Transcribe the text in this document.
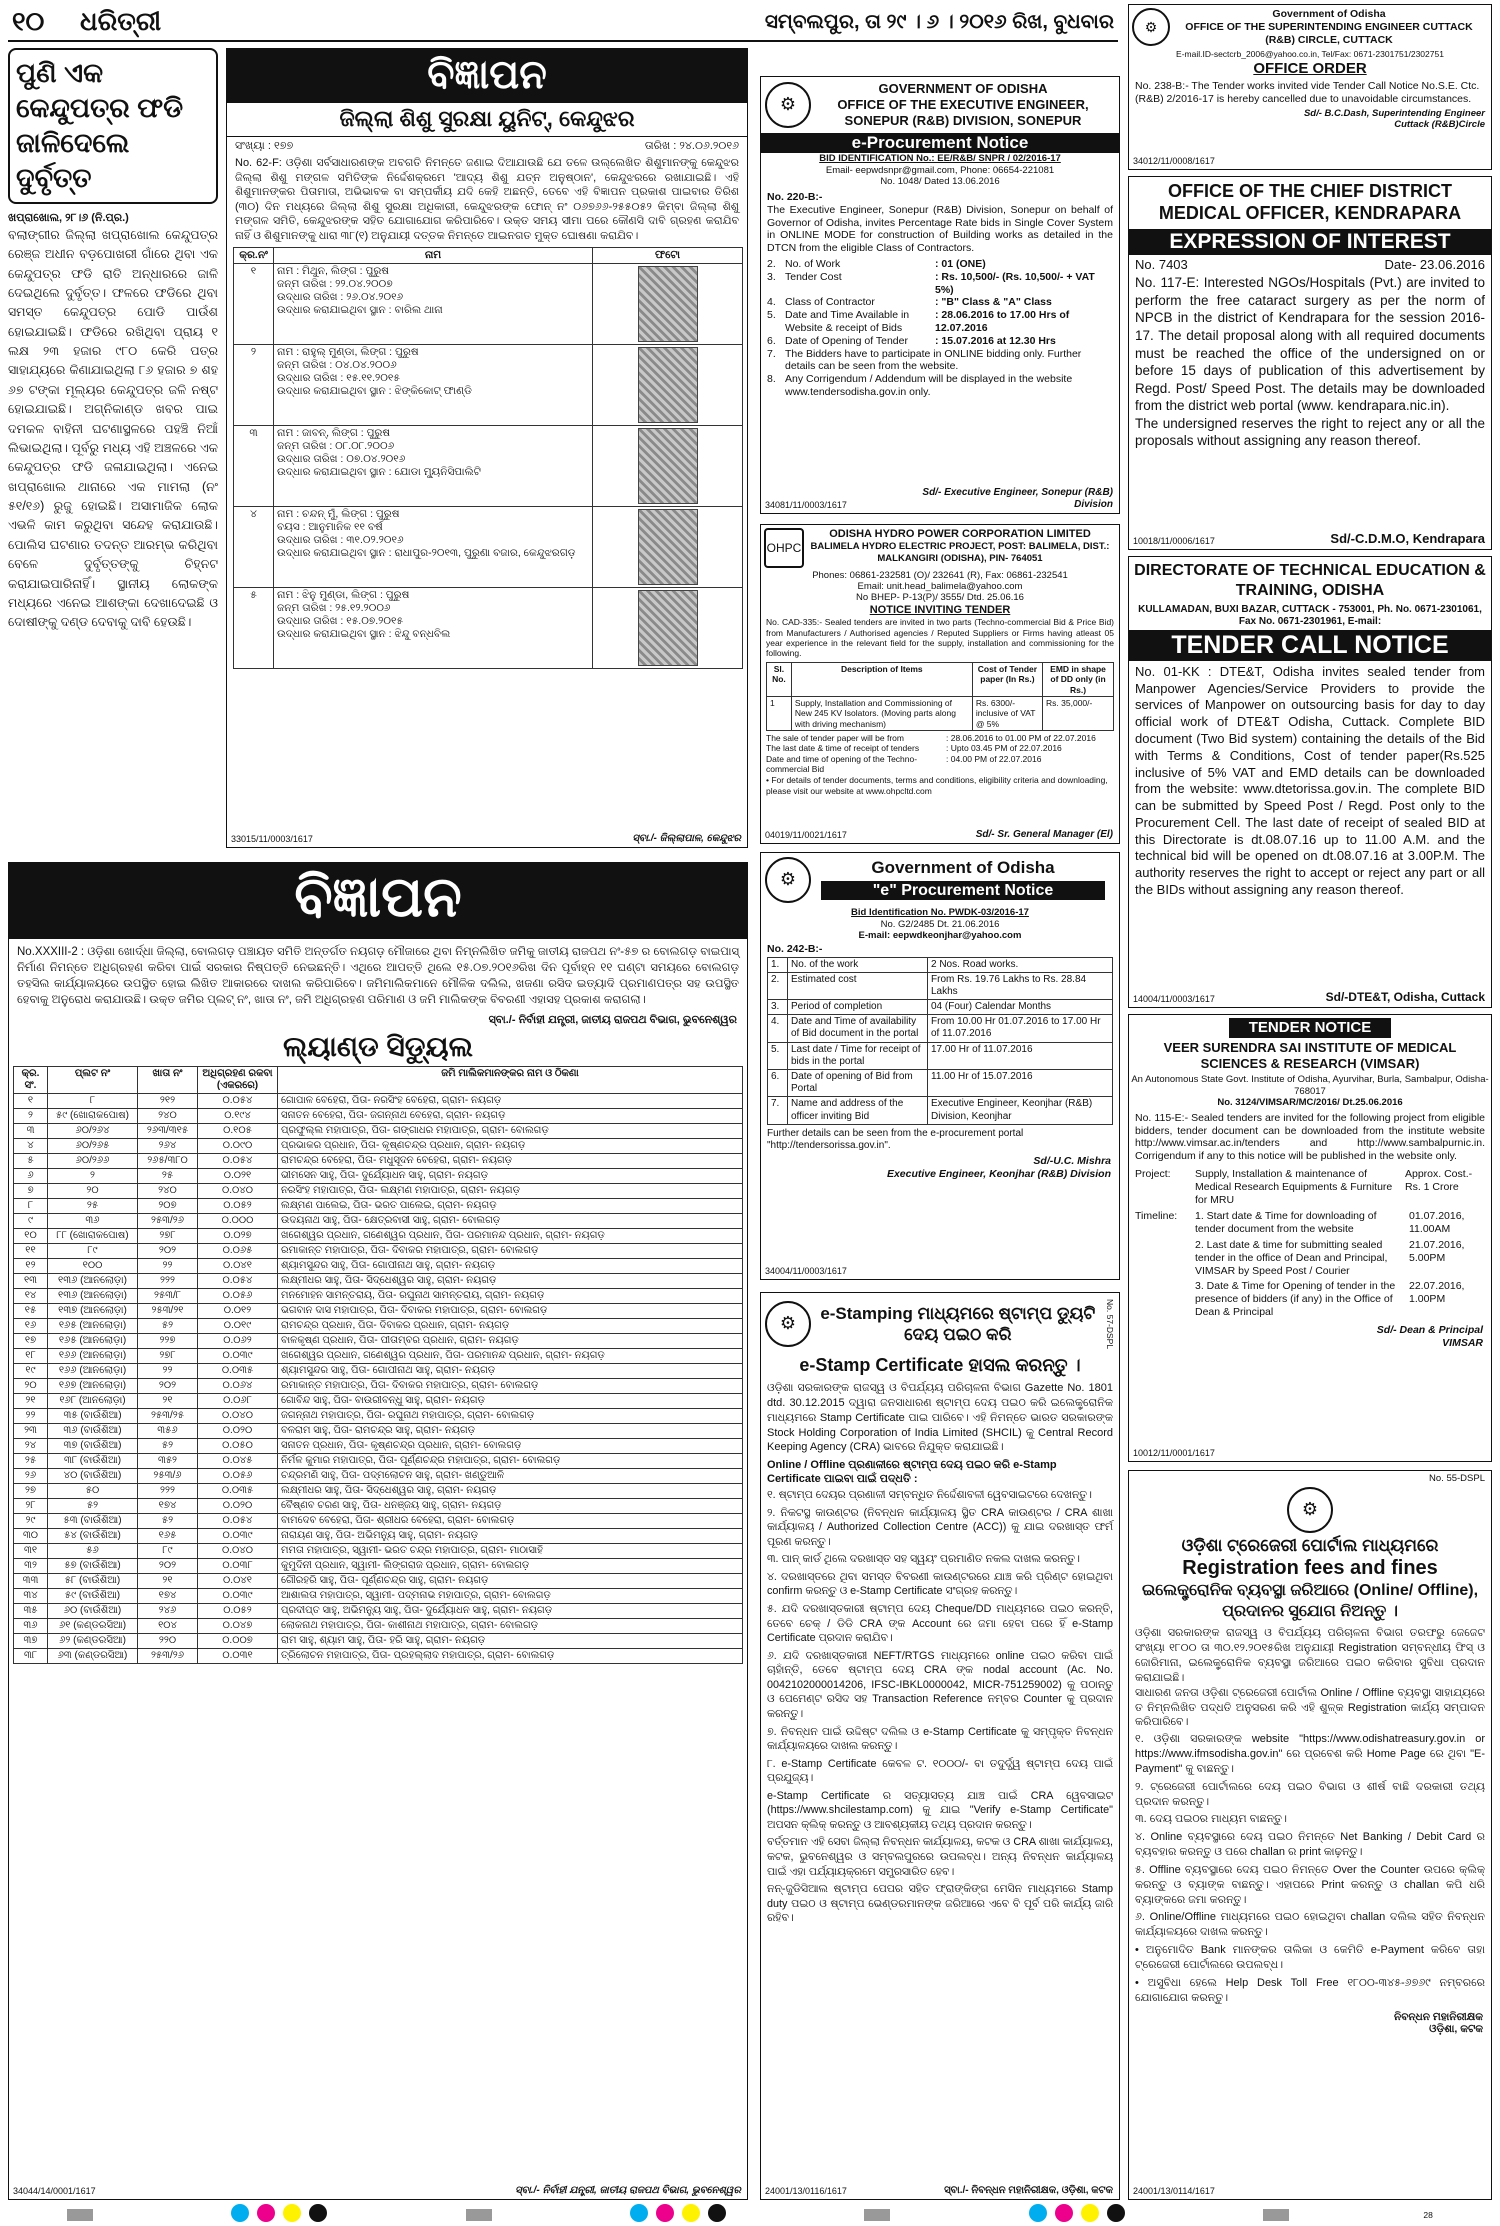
୧୦ ଧରିତ୍ରୀ	ସମ୍ବଲପୁର, ତା ୨୯ । ୬ । ୨୦୧୬ ରିଖ, ବୁଧବାର
ପୁଣି ଏକ କେନ୍ଦୁପତ୍ର ଫଡି ଜାଳିଦେଲେ ଦୁର୍ବୃତ୍ତ
ଖପ୍ରାଖୋଲ, ୨୮।୬ (ନି.ପ୍ର.)
ବଲାଙ୍ଗୀର ଜିଲ୍ଲା ଖପ୍ରାଖୋଲ କେନ୍ଦୁପତ୍ର ରେଞ୍ଜ ଅଧୀନ ବଡ଼ପୋଖରୀ ଗାଁରେ ଥିବା ଏକ କେନ୍ଦୁପତ୍ର ଫଡି ରାତି ଅନ୍ଧାରରେ ଜାଳି ଦେଇଥିଲେ ଦୁର୍ବୃତ୍ତ। ଫଳରେ ଫଡିରେ ଥିବା ସମସ୍ତ କେନ୍ଦୁପତ୍ର ପୋଡି ପାଉଁଶ ହୋଇଯାଇଛି। ଫଡିରେ ରଖିଥିବା ପ୍ରାୟ ୧ ଲକ୍ଷ ୨୩ ହଜାର ୯୮୦ କେରି ପତ୍ର ସାହାଯ୍ୟରେ କିଣାଯାଇଥିଲା ୮୬ ହଜାର ୭ ଶହ ୬୭ ଟଙ୍କା ମୂଲ୍ୟର କେନ୍ଦୁପତ୍ର ଜଳି ନଷ୍ଟ ହୋଇଯାଇଛି। ଅଗ୍ନିକାଣ୍ଡ ଖବର ପାଇ ଦମକଳ ବାହିନୀ ଘଟଣାସ୍ଥଳରେ ପହଞ୍ଚି ନିଆଁ ଲିଭାଇଥିଲା। ପୂର୍ବରୁ ମଧ୍ୟ ଏହି ଅଞ୍ଚଳରେ ଏକ କେନ୍ଦୁପତ୍ର ଫଡି ଜଳାଯାଇଥିଲା। ଏନେଇ ଖପ୍ରାଖୋଲ ଥାନାରେ ଏକ ମାମଲା (ନଂ ୫୧/୧୬) ରୁଜୁ ହୋଇଛି। ଅସାମାଜିକ ଲୋକ ଏଭଳି କାମ କରୁଥିବା ସନ୍ଦେହ କରାଯାଉଛି। ପୋଲିସ ଘଟଣାର ତଦନ୍ତ ଆରମ୍ଭ କରିଥିବା ବେଳେ ଦୁର୍ବୃତ୍ତଙ୍କୁ ଚିହ୍ନଟ କରାଯାଇପାରିନାହିଁ। ସ୍ଥାନୀୟ ଲୋକଙ୍କ ମଧ୍ୟରେ ଏନେଇ ଆଶଙ୍କା ଦେଖାଦେଇଛି ଓ ଦୋଷୀଙ୍କୁ ଦଣ୍ଡ ଦେବାକୁ ଦାବି ହେଉଛି।
ବିଜ୍ଞାପନ
ଜିଲ୍ଲା ଶିଶୁ ସୁରକ୍ଷା ୟୁନିଟ୍, କେନ୍ଦୁଝର
ସଂଖ୍ୟା : ୧୭୭	ତାରିଖ : ୨୪.୦୬.୨୦୧୬
No. 62-F: ଓଡ଼ିଶା ସର୍ବସାଧାରଣଙ୍କ ଅବଗତି ନିମନ୍ତେ ଜଣାଇ ଦିଆଯାଉଛି ଯେ ତଳେ ଉଲ୍ଲେଖିତ ଶିଶୁମାନଙ୍କୁ କେନ୍ଦୁଝର ଜିଲ୍ଲା ଶିଶୁ ମଙ୍ଗଳ ସମିତିଙ୍କ ନିର୍ଦ୍ଦେଶକ୍ରମେ 'ଆଦ୍ୟ ଶିଶୁ ଯତ୍ନ ଅନୁଷ୍ଠାନ', କେନ୍ଦୁଝରରେ ରଖାଯାଇଛି। ଏହି ଶିଶୁମାନଙ୍କର ପିତାମାତା, ଅଭିଭାବକ ବା ସମ୍ପର୍କୀୟ ଯଦି କେହି ଅଛନ୍ତି, ତେବେ ଏହି ବିଜ୍ଞାପନ ପ୍ରକାଶ ପାଇବାର ତିରିଶ (୩୦) ଦିନ ମଧ୍ୟରେ ଜିଲ୍ଲା ଶିଶୁ ସୁରକ୍ଷା ଅଧିକାରୀ, କେନ୍ଦୁଝରଙ୍କ ଫୋନ୍ ନଂ ୦୬୭୬୬-୨୫୫୦୫୨ କିମ୍ବା ଜିଲ୍ଲା ଶିଶୁ ମଙ୍ଗଳ ସମିତି, କେନ୍ଦୁଝରଙ୍କ ସହିତ ଯୋଗାଯୋଗ କରିପାରିବେ। ଉକ୍ତ ସମୟ ସୀମା ପରେ କୌଣସି ଦାବି ଗ୍ରହଣ କରାଯିବ ନାହିଁ ଓ ଶିଶୁମାନଙ୍କୁ ଧାରା ୩୮(୧) ଅନୁଯାୟୀ ଦତ୍ତକ ନିମନ୍ତେ ଆଇନଗତ ମୁକ୍ତ ଘୋଷଣା କରାଯିବ।
କ୍ର.ନଂ	ନାମ	ଫଟୋ
୧	ନାମ : ମିଥୁନ, ଲିଙ୍ଗ : ପୁରୁଷ
ଜନ୍ମ ତାରିଖ : ୨୨.୦୪.୨୦୦୭
ଉଦ୍ଧାର ତାରିଖ : ୨୬.୦୪.୨୦୧୬
ଉଦ୍ଧାର କରାଯାଇଥିବା ସ୍ଥାନ : ବାରିଲ ଥାନା	

୨	ନାମ : ରାହୁଲ୍ ମୁଣ୍ଡା, ଲିଙ୍ଗ : ପୁରୁଷ
ଜନ୍ମ ତାରିଖ : ୦୪.୦୪.୨୦୦୬
ଉଦ୍ଧାର ତାରିଖ : ୧୫.୧୧.୨୦୧୫
ଉଦ୍ଧାର କରାଯାଇଥିବା ସ୍ଥାନ : ଝିଙ୍କିକୋଟ୍ ଫାଣ୍ଡି	

୩	ନାମ : ଜାବନ୍, ଲିଙ୍ଗ : ପୁରୁଷ
ଜନ୍ମ ତାରିଖ : ୦୮.୦୮.୨୦୦୬
ଉଦ୍ଧାର ତାରିଖ : ୦୭.୦୪.୨୦୧୬
ଉଦ୍ଧାର କରାଯାଇଥିବା ସ୍ଥାନ : ଯୋଡା ମ୍ୟୁନିସିପାଲିଟି	

୪	ନାମ : ଚନ୍ଦନ୍ ମୁଁ, ଲିଙ୍ଗ : ପୁରୁଷ
ବୟସ : ଆନୁମାନିକ ୧୧ ବର୍ଷ
ଉଦ୍ଧାର ତାରିଖ : ୩୧.୦୨.୨୦୧୬
ଉଦ୍ଧାର କରାଯାଇଥିବା ସ୍ଥାନ : ରାଧାପୁର-୨୦୧୩, ପୁରୁଣା ବଜାର, କେନ୍ଦୁଝରଗଡ଼	

୫	ନାମ : ଝିନୁ ମୁଣ୍ଡା, ଲିଙ୍ଗ : ପୁରୁଷ
ଜନ୍ମ ତାରିଖ : ୨୫.୧୨.୨୦୦୬
ଉଦ୍ଧାର ତାରିଖ : ୧୫.୦୭.୨୦୧୫
ଉଦ୍ଧାର କରାଯାଇଥିବା ସ୍ଥାନ : ଝିନ୍ଦୁ ବନ୍ଧବିଲ	

33015/11/0003/1617	ସ୍ବା./- ଜିଲ୍ଲାପାଳ, କେନ୍ଦୁଝର
ବିଜ୍ଞାପନ
No.XXXIII-2 : ଓଡ଼ିଶା ଖୋର୍ଦ୍ଧା ଜିଲ୍ଲା, ବୋଲଗଡ଼ ପଞ୍ଚାୟତ ସମିତି ଅନ୍ତର୍ଗତ ନୟଗଡ଼ ମୌଜାରେ ଥିବା ନିମ୍ନଲିଖିତ ଜମିକୁ ଜାତୀୟ ରାଜପଥ ନଂ-୫୭ ର ବୋଲଗଡ଼ ବାଇପାସ୍ ନିର୍ମାଣ ନିମନ୍ତେ ଅଧିଗ୍ରହଣ କରିବା ପାଇଁ ସରକାର ନିଷ୍ପତ୍ତି ନେଇଛନ୍ତି। ଏଥିରେ ଆପତ୍ତି ଥିଲେ ୧୫.୦୭.୨୦୧୬ରିଖ ଦିନ ପୂର୍ବାହ୍ନ ୧୧ ଘଣ୍ଟା ସମୟରେ ବୋଲଗଡ଼ ତହସିଲ କାର୍ଯ୍ୟାଳୟରେ ଉପସ୍ଥିତ ହୋଇ ଲିଖିତ ଆକାରରେ ଦାଖଲ କରିପାରିବେ। ଜମିମାଲିକମାନେ ମୌଳିକ ଦଲିଲ, ଖଜଣା ରସିଦ ଇତ୍ୟାଦି ପ୍ରମାଣପତ୍ର ସହ ଉପସ୍ଥିତ ହେବାକୁ ଅନୁରୋଧ କରାଯାଉଛି। ଉକ୍ତ ଜମିର ପ୍ଲଟ୍ ନଂ, ଖାତା ନଂ, ଜମି ଅଧିଗ୍ରହଣ ପରିମାଣ ଓ ଜମି ମାଲିକଙ୍କ ବିବରଣୀ ଏହାସହ ପ୍ରକାଶ କରାଗଲା।
ସ୍ବା./- ନିର୍ବାହୀ ଯନ୍ତ୍ରୀ, ଜାତୀୟ ରାଜପଥ ବିଭାଗ, ଭୁବନେଶ୍ୱର
ଲ୍ୟାଣ୍ଡ ସିଡ୍ୟୁଲ
କ୍ର. ସଂ.	ପ୍ଲଟ ନଂ	ଖାତା ନଂ	ଅଧିଗ୍ରହଣ ରକବା (ଏକରରେ)	ଜମି ମାଲିକମାନଙ୍କର ନାମ ଓ ଠିକଣା
୧	୮	୨୧୨	୦.୦୫୪	ଗୋପାଳ ବେହେରା, ପିତା- ନରସିଂହ ବେହେରା, ଗ୍ରାମ- ନୟଗଡ଼
୨	୫୯ (ଖୋରାକପୋଷ)	୨୪୦	୦.୧୯୪	ସନାତନ ବେହେରା, ପିତା- ଜଗନ୍ନାଥ ବେହେରା, ଗ୍ରାମ- ନୟଗଡ଼
୩	୬୦/୨୬୪	୨୬୩/୩୧୫	୦.୧୦୫	ପ୍ରଫୁଲ୍ଲ ମହାପାତ୍ର, ପିତା- ଗଙ୍ଗାଧର ମହାପାତ୍ର, ଗ୍ରାମ- ବୋଲଗଡ଼
୪	୬୦/୨୬୫	୨୬୪	୦.୦୯୦	ପ୍ରଭାକର ପ୍ରଧାନ, ପିତା- କୃଷ୍ଣଚନ୍ଦ୍ର ପ୍ରଧାନ, ଗ୍ରାମ- ନୟଗଡ଼
୫	୬୦/୨୬୬	୨୬୫/୩୮୦	୦.୦୫୪	ରାମଚନ୍ଦ୍ର ବେହେରା, ପିତା- ମଧୁସୂଦନ ବେହେରା, ଗ୍ରାମ- ନୟଗଡ଼
୬	୨	୨୫	୦.୦୨୧	ଭୀମସେନ ସାହୁ, ପିତା- ଦୁର୍ଯ୍ୟୋଧନ ସାହୁ, ଗ୍ରାମ- ନୟଗଡ଼
୭	୨୦	୨୪୦	୦.୦୪୦	ନରସିଂହ ମହାପାତ୍ର, ପିତା- ଲକ୍ଷ୍ମଣ ମହାପାତ୍ର, ଗ୍ରାମ- ନୟଗଡ଼
୮	୨୫	୨୦୭	୦.୦୫୨	ଲକ୍ଷ୍ମଣ ପାଲେଇ, ପିତା- ଭରତ ପାଲେଇ, ଗ୍ରାମ- ନୟଗଡ଼
୯	୩୬	୨୫୩/୨୬	୦.୦୦୦	ଉଦୟନାଥ ସାହୁ, ପିତା- କ୍ଷେତ୍ରବାସୀ ସାହୁ, ଗ୍ରାମ- ବୋଲଗଡ଼
୧୦	୮୮ (ଖୋରାକପୋଷ)	୨୭୮	୦.୦୨୭	ଖଗେଶ୍ୱର ପ୍ରଧାନ, ଗଣେଶ୍ୱର ପ୍ରଧାନ, ପିତା- ପରମାନନ୍ଦ ପ୍ରଧାନ, ଗ୍ରାମ- ନୟଗଡ଼
୧୧	୮୯	୨୦୨	୦.୦୬୫	ରମାକାନ୍ତ ମହାପାତ୍ର, ପିତା- ଦିବାକର ମହାପାତ୍ର, ଗ୍ରାମ- ବୋଲଗଡ଼
୧୨	୧୦୦	୨୨	୦.୦୪୧	ଶ୍ୟାମସୁନ୍ଦର ସାହୁ, ପିତା- ଗୋପୀନାଥ ସାହୁ, ଗ୍ରାମ- ନୟଗଡ଼
୧୩	୧୩୬ (ଆନଲୋଡ଼ା)	୨୨୨	୦.୦୫୪	ଲକ୍ଷ୍ମୀଧର ସାହୁ, ପିତା- ସିଦ୍ଧେଶ୍ୱର ସାହୁ, ଗ୍ରାମ- ନୟଗଡ଼
୧୪	୧୩୬ (ଆନଲୋଡ଼ା)	୨୫୩/୮	୦.୦୫୬	ମନମୋହନ ସାମନ୍ତରାୟ, ପିତା- ରଘୁନାଥ ସାମନ୍ତରାୟ, ଗ୍ରାମ- ନୟଗଡ଼
୧୫	୧୩୭ (ଆନଲୋଡ଼ା)	୨୫୩/୨୧	୦.୦୧୨	ଭଗବାନ ଦାସ ମହାପାତ୍ର, ପିତା- ଦିବାକର ମହାପାତ୍ର, ଗ୍ରାମ- ବୋଲଗଡ଼
୧୬	୧୬୫ (ଆନଲୋଡ଼ା)	୫୨	୦.୦୧୯	ରାମଚନ୍ଦ୍ର ପ୍ରଧାନ, ପିତା- ଦିବାକର ପ୍ରଧାନ, ଗ୍ରାମ- ନୟଗଡ଼
୧୭	୧୬୫ (ଆନଲୋଡ଼ା)	୨୨୭	୦.୦୬୨	ବାଳକୃଷ୍ଣ ପ୍ରଧାନ, ପିତା- ପୀତାମ୍ବର ପ୍ରଧାନ, ଗ୍ରାମ- ନୟଗଡ଼
୧୮	୧୬୬ (ଆନଲୋଡ଼ା)	୨୭୮	୦.୦୩୯	ଖଗେଶ୍ୱର ପ୍ରଧାନ, ଗଣେଶ୍ୱର ପ୍ରଧାନ, ପିତା- ପରମାନନ୍ଦ ପ୍ରଧାନ, ଗ୍ରାମ- ନୟଗଡ଼
୧୯	୧୬୬ (ଆନଲୋଡ଼ା)	୨୨	୦.୦୩୫	ଶ୍ୟାମସୁନ୍ଦର ସାହୁ, ପିତା- ଗୋପୀନାଥ ସାହୁ, ଗ୍ରାମ- ନୟଗଡ଼
୨୦	୧୬୭ (ଆନଲୋଡ଼ା)	୨୦୨	୦.୦୬୪	ରମାକାନ୍ତ ମହାପାତ୍ର, ପିତା- ଦିବାକର ମହାପାତ୍ର, ଗ୍ରାମ- ବୋଲଗଡ଼
୨୧	୧୬୮ (ଆନଲୋଡ଼ା)	୨୧	୦.୦୬୮	ଗୋବିନ୍ଦ ସାହୁ, ପିତା- ବାଉରୀବନ୍ଧୁ ସାହୁ, ଗ୍ରାମ- ନୟଗଡ଼
୨୨	୩୫ (ବାଉଁଶିଆ)	୨୫୩/୨୫	୦.୦୪୦	ଜଗନ୍ନାଥ ମହାପାତ୍ର, ପିତା- ରଘୁନାଥ ମହାପାତ୍ର, ଗ୍ରାମ- ବୋଲଗଡ଼
୨୩	୩୬ (ବାଉଁଶିଆ)	୩୫୬	୦.୦୨୦	ବଳରାମ ସାହୁ, ପିତା- ରାମଚନ୍ଦ୍ର ସାହୁ, ଗ୍ରାମ- ନୟଗଡ଼
୨୪	୩୭ (ବାଉଁଶିଆ)	୫୨	୦.୦୫୦	ସନାତନ ପ୍ରଧାନ, ପିତା- କୃଷ୍ଣଚନ୍ଦ୍ର ପ୍ରଧାନ, ଗ୍ରାମ- ବୋଲଗଡ଼
୨୫	୩୮ (ବାଉଁଶିଆ)	୩୫୨	୦.୦୪୫	ନିର୍ମଳ କୁମାର ମହାପାତ୍ର, ପିତା- ପୂର୍ଣ୍ଣଚନ୍ଦ୍ର ମହାପାତ୍ର, ଗ୍ରାମ- ବୋଲଗଡ଼
୨୬	୪୦ (ବାଉଁଶିଆ)	୨୫୩/୬	୦.୦୫୬	ଚନ୍ଦ୍ରମଣି ସାହୁ, ପିତା- ପଦ୍ମଲୋଚନ ସାହୁ, ଗ୍ରାମ- ଖଣ୍ଡୁଆଳି
୨୭	୫୦	୨୨୨	୦.୦୩୫	ଲକ୍ଷ୍ମୀଧର ସାହୁ, ପିତା- ସିଦ୍ଧେଶ୍ୱର ସାହୁ, ଗ୍ରାମ- ନୟଗଡ଼
୨୮	୫୨	୧୭୪	୦.୦୨୦	ବୈଷ୍ଣବ ଚରଣ ସାହୁ, ପିତା- ଧନଞ୍ଜୟ ସାହୁ, ଗ୍ରାମ- ନୟଗଡ଼
୨୯	୫୩ (ବାଉଁଶିଆ)	୫୨	୦.୦୫୪	ବାମଦେବ ବେହେରା, ପିତା- ଶ୍ରୀଧର ବେହେରା, ଗ୍ରାମ- ବୋଲଗଡ଼
୩୦	୫୪ (ବାଉଁଶିଆ)	୧୬୫	୦.୦୩୯	ନାରାୟଣ ସାହୁ, ପିତା- ଅଭିମନ୍ୟୁ ସାହୁ, ଗ୍ରାମ- ନୟଗଡ଼
୩୧	୫୬	୮୯	୦.୦୪୦	ମମତା ମହାପାତ୍ର, ସ୍ୱାମୀ- ଭରତ ଚନ୍ଦ୍ର ମହାପାତ୍ର, ଗ୍ରାମ- ମାଠାସାହି
୩୨	୫୭ (ବାଉଁଶିଆ)	୨୦୨	୦.୦୩୮	କୁମୁଦିନୀ ପ୍ରଧାନ, ସ୍ୱାମୀ- ଲିଙ୍ଗରାଜ ପ୍ରଧାନ, ଗ୍ରାମ- ବୋଲଗଡ଼
୩୩	୫୮ (ବାଉଁଶିଆ)	୨୧	୦.୦୪୧	ଗୌରହରି ସାହୁ, ପିତା- ପୂର୍ଣ୍ଣଚନ୍ଦ୍ର ସାହୁ, ଗ୍ରାମ- ନୟଗଡ଼
୩୪	୫୯ (ବାଉଁଶିଆ)	୧୭୪	୦.୦୩୯	ଆଶାଲତା ମହାପାତ୍ର, ସ୍ୱାମୀ- ପଦ୍ମନାଭ ମହାପାତ୍ର, ଗ୍ରାମ- ବୋଲଗଡ଼
୩୫	୬୦ (ବାଉଁଶିଆ)	୨୪୬	୦.୦୫୨	ପ୍ରଦୀପ୍ତ ସାହୁ, ଅଭିମନ୍ୟୁ ସାହୁ, ପିତା- ଦୁର୍ଯ୍ୟୋଧନ ସାହୁ, ଗ୍ରାମ- ନୟଗଡ଼
୩୬	୬୧ (କଣ୍ଡରସିଆ)	୧୦୪	୦.୦୪୭	ଲୋକନାଥ ମହାପାତ୍ର, ପିତା- କାଶୀନାଥ ମହାପାତ୍ର, ଗ୍ରାମ- ବୋଲଗଡ଼
୩୭	୬୨ (କଣ୍ଡରସିଆ)	୨୨୦	୦.୦୦୭	ରାମ ସାହୁ, ଶ୍ୟାମ ସାହୁ, ପିତା- ହରି ସାହୁ, ଗ୍ରାମ- ନୟଗଡ଼
୩୮	୬୩ (କଣ୍ଡରସିଆ)	୨୫୩/୨୬	୦.୦୩୧	ତ୍ରିଲୋଚନ ମହାପାତ୍ର, ପିତା- ପ୍ରହଲ୍ଲାଦ ମହାପାତ୍ର, ଗ୍ରାମ- ବୋଲଗଡ଼
34044/14/0001/1617	ସ୍ବା./- ନିର୍ବାହୀ ଯନ୍ତ୍ରୀ, ଜାତୀୟ ରାଜପଥ ବିଭାଗ, ଭୁବନେଶ୍ୱର
⚙
GOVERNMENT OF ODISHA
OFFICE OF THE EXECUTIVE ENGINEER, SONEPUR (R&B) DIVISION, SONEPUR
e-Procurement Notice
BID IDENTIFICATION No.: EE/R&B/ SNPR / 02/2016-17
Email- eepwdsnpr@gmail.com, Phone: 06654-221081
No. 1048/ Dated 13.06.2016
No. 220-B:-
The Executive Engineer, Sonepur (R&B) Division, Sonepur on behalf of Governor of Odisha, invites Percentage Rate bids in Single Cover System in ONLINE MODE for construction of Building works as detailed in the DTCN from the eligible Class of Contractors.
2. No. of Work	: 01 (ONE)
3. Tender Cost	: Rs. 10,500/- (Rs. 10,500/- + VAT 5%)
4. Class of Contractor	: "B" Class & "A" Class
5. Date and Time Available in Website & receipt of Bids
: 28.06.2016 to 17.00 Hrs of 12.07.2016
6. Date of Opening of Tender	: 15.07.2016 at 12.30 Hrs
7. The Bidders have to participate in ONLINE bidding only. Further details can be seen from the website.
8. Any Corrigendum / Addendum will be displayed in the website www.tendersodisha.gov.in only.
34081/11/0003/1617
Sd/- Executive Engineer, Sonepur (R&B) Division
OHPC
ODISHA HYDRO POWER CORPORATION LIMITED
BALIMELA HYDRO ELECTRIC PROJECT, POST: BALIMELA, DIST.: MALKANGIRI (ODISHA), PIN- 764051
Phones: 06861-232581 (O)/ 232641 (R), Fax: 06861-232541
Email: unit.head_balimela@yahoo.com
No BHEP- P-13(P)/ 3555/ Dtd. 25.06.16
NOTICE INVITING TENDER
No. CAD-335:- Sealed tenders are invited in two parts (Techno-commercial Bid & Price Bid) from Manufacturers / Authorised agencies / Reputed Suppliers or Firms having atleast 05 year experience in the relevant field for the supply, installation and commissioning for the following.
Sl. No.	Description of Items	Cost of Tender paper (In Rs.)	EMD in shape of DD only (in Rs.)
1	Supply, Installation and Commissioning of New 245 KV Isolators. (Moving parts along with driving mechanism)	Rs. 6300/- inclusive of VAT @ 5%	Rs. 35,000/-
The sale of tender paper will be from	: 28.06.2016 to 01.00 PM of 22.07.2016
The last date & time of receipt of tenders	: Upto 03.45 PM of 22.07.2016
Date and time of opening of the Techno-commercial Bid
: 04.00 PM of 22.07.2016
• For details of tender documents, terms and conditions, eligibility criteria and downloading, please visit our website at www.ohpcltd.com
04019/11/0021/1617	Sd/- Sr. General Manager (El)
⚙
Government of Odisha
"e" Procurement Notice
Bid Identification No. PWDK-03/2016-17
No. G2/2485 Dt. 21.06.2016
E-mail: eepwdkeonjhar@yahoo.com
No. 242-B:-
1.	No. of the work	2 Nos. Road works.
2.	Estimated cost	From Rs. 19.76 Lakhs to Rs. 28.84 Lakhs
3.	Period of completion	04 (Four) Calendar Months
4.	Date and Time of availability of Bid document in the portal	From 10.00 Hr 01.07.2016 to 17.00 Hr of 11.07.2016
5.	Last date / Time for receipt of bids in the portal	17.00 Hr of 11.07.2016
6.	Date of opening of Bid from Portal	11.00 Hr of 15.07.2016
7.	Name and address of the officer inviting Bid	Executive Engineer, Keonjhar (R&B) Division, Keonjhar
Further details can be seen from the e-procurement portal "http://tendersorissa.gov.in".
Sd/-U.C. Mishra
Executive Engineer, Keonjhar (R&B) Division
34004/11/0003/1617
⚙	e-Stamping ମାଧ୍ୟମରେ ଷ୍ଟାମ୍ପ ଡ୍ୟୁଟି ଦେୟ ପଇଠ କରି	No. 57-DSPL
e-Stamp Certificate ହାସଲ କରନ୍ତୁ ।
ଓଡ଼ିଶା ସରକାରଙ୍କ ରାଜସ୍ୱ ଓ ବିପର୍ଯ୍ୟୟ ପରିଚାଳନା ବିଭାଗ Gazette No. 1801 dtd. 30.12.2015 ଦ୍ୱାରା ଜନସାଧାରଣ ଷ୍ଟାମ୍ପ ଦେୟ ପଇଠ କରି ଇଲେକ୍ଟ୍ରୋନିକ ମାଧ୍ୟମରେ Stamp Certificate ପାଇ ପାରିବେ। ଏହି ନିମନ୍ତେ ଭାରତ ସରକାରଙ୍କ Stock Holding Corporation of India Limited (SHCIL) କୁ Central Record Keeping Agency (CRA) ଭାବରେ ନିଯୁକ୍ତ କରାଯାଇଛି।
Online / Offline ପ୍ରଣାଳୀରେ ଷ୍ଟାମ୍ପ ଦେୟ ପଇଠ କରି e-Stamp Certificate ପାଇବା ପାଇଁ ପଦ୍ଧତି :

୧. ଷ୍ଟାମ୍ପ ଦେୟର ପ୍ରଣାଳୀ ସମ୍ବନ୍ଧିତ ନିର୍ଦ୍ଦେଶାବଳୀ ୱେବସାଇଟରେ ଦେଖନ୍ତୁ।

୨. ନିକଟସ୍ଥ କାଉଣ୍ଟର (ନିବନ୍ଧନ କାର୍ଯ୍ୟାଳୟ ସ୍ଥିତ CRA କାଉଣ୍ଟର / CRA ଶାଖା କାର୍ଯ୍ୟାଳୟ / Authorized Collection Centre (ACC)) କୁ ଯାଇ ଦରଖାସ୍ତ ଫର୍ମ ପୂରଣ କରନ୍ତୁ।

୩. ପାନ୍ କାର୍ଡ ଥିଲେ ଦରଖାସ୍ତ ସହ ସ୍ୱୟଂ ପ୍ରମାଣିତ ନକଲ ଦାଖଲ କରନ୍ତୁ।

୪. ଦରଖାସ୍ତରେ ଥିବା ସମସ୍ତ ବିବରଣୀ କାଉଣ୍ଟରରେ ଯାଞ୍ଚ କରି ପ୍ରିଣ୍ଟ ହୋଇଥିବା confirm କରନ୍ତୁ ଓ e-Stamp Certificate ସଂଗ୍ରହ କରନ୍ତୁ।

୫. ଯଦି ଦରଖାସ୍ତକାରୀ ଷ୍ଟାମ୍ପ ଦେୟ Cheque/DD ମାଧ୍ୟମରେ ପଇଠ କରନ୍ତି, ତେବେ ଚେକ୍ / ଡିଡି CRA ଙ୍କ Account ରେ ଜମା ହେବା ପରେ ହିଁ e-Stamp Certificate ପ୍ରଦାନ କରାଯିବ।

୬. ଯଦି ଦରଖାସ୍ତକାରୀ NEFT/RTGS ମାଧ୍ୟମରେ online ପଇଠ କରିବା ପାଇଁ ଚାହାଁନ୍ତି, ତେବେ ଷ୍ଟାମ୍ପ ଦେୟ CRA ଙ୍କ nodal account (Ac. No. 0042102000014206, IFSC-IBKL0000042, MICR-751259002) କୁ ପଠାନ୍ତୁ ଓ ପେମେଣ୍ଟ ରସିଦ ସହ Transaction Reference ନମ୍ବର Counter କୁ ପ୍ରଦାନ କରନ୍ତୁ।

୭. ନିବନ୍ଧନ ପାଇଁ ଉଦ୍ଦିଷ୍ଟ ଦଲିଲ ଓ e-Stamp Certificate କୁ ସମ୍ପୃକ୍ତ ନିବନ୍ଧନ କାର୍ଯ୍ୟାଳୟରେ ଦାଖଲ କରନ୍ତୁ।

୮. e-Stamp Certificate କେବଳ ଟ. ୧୦୦୦/- ବା ତଦୁର୍ଦ୍ଧ୍ୱ ଷ୍ଟାମ୍ପ ଦେୟ ପାଇଁ ପ୍ରଯୁଜ୍ୟ।

e-Stamp Certificate ର ସତ୍ୟାସତ୍ୟ ଯାଞ୍ଚ ପାଇଁ CRA ୱେବସାଇଟ (https://www.shcilestamp.com) କୁ ଯାଇ "Verify e-Stamp Certificate" ଅପସନ କ୍ଲିକ୍ କରନ୍ତୁ ଓ ଆବଶ୍ୟକୀୟ ତଥ୍ୟ ପ୍ରଦାନ କରନ୍ତୁ।

ବର୍ତ୍ତମାନ ଏହି ସେବା ଜିଲ୍ଲା ନିବନ୍ଧନ କାର୍ଯ୍ୟାଳୟ, କଟକ ଓ CRA ଶାଖା କାର୍ଯ୍ୟାଳୟ, କଟକ, ଭୁବନେଶ୍ୱର ଓ ସମ୍ବଲପୁରରେ ଉପଲବ୍ଧ। ଅନ୍ୟ ନିବନ୍ଧନ କାର୍ଯ୍ୟାଳୟ ପାଇଁ ଏହା ପର୍ଯ୍ୟାୟକ୍ରମେ ସମ୍ପ୍ରସାରିତ ହେବ।

ନନ୍-ଜୁଡିସିଆଲ ଷ୍ଟାମ୍ପ ପେପର ସହିତ ଫ୍ରାଙ୍କିଙ୍ଗ ମେସିନ ମାଧ୍ୟମରେ Stamp duty ପଇଠ ଓ ଷ୍ଟାମ୍ପ ଭେଣ୍ଡରମାନଙ୍କ ଜରିଆରେ ଏବେ ବି ପୂର୍ବ ପରି କାର୍ଯ୍ୟ ଜାରି ରହିବ।

24001/13/0116/1617	ସ୍ବା./- ନିବନ୍ଧନ ମହାନିରୀକ୍ଷକ, ଓଡ଼ିଶା, କଟକ
⚙
Government of Odisha
OFFICE OF THE SUPERINTENDING ENGINEER CUTTACK (R&B) CIRCLE, CUTTACK
E-mail.ID-sectcrb_2006@yahoo.co.in, Tel/Fax: 0671-2301751/2302751
OFFICE ORDER
No. 238-B:- The Tender works invited vide Tender Call Notice No.S.E. Ctc. (R&B) 2/2016-17 is hereby cancelled due to unavoidable circumstances.
Sd/- B.C.Dash, Superintending Engineer
Cuttack (R&B)Circle
34012/11/0008/1617
OFFICE OF THE CHIEF DISTRICT MEDICAL OFFICER, KENDRAPARA
EXPRESSION OF INTEREST
No. 7403	Date- 23.06.2016
No. 117-E: Interested NGOs/Hospitals (Pvt.) are invited to perform the free cataract surgery as per the norm of NPCB in the district of Kendrapara for the session 2016-17. The detail proposal along with all required documents must be reached the office of the undersigned on or before 15 days of publication of this advertisement by Regd. Post/ Speed Post. The details may be downloaded from the district web portal (www. kendrapara.nic.in).
The undersigned reserves the right to reject any or all the proposals without assigning any reason thereof.
10018/11/0006/1617	Sd/-C.D.M.O, Kendrapara
DIRECTORATE OF TECHNICAL EDUCATION & TRAINING, ODISHA
KULLAMADAN, BUXI BAZAR, CUTTACK - 753001, Ph. No. 0671-2301061, Fax No. 0671-2301961, E-mail:
TENDER CALL NOTICE
No. 01-KK : DTE&T, Odisha invites sealed tender from Manpower Agencies/Service Providers to provide the services of Manpower on outsourcing basis for day to day official work of DTE&T Odisha, Cuttack. Complete BID document (Two Bid system) containing the details of the Bid with Terms & Conditions, Cost of tender paper(Rs.525 inclusive of 5% VAT and EMD details can be downloaded from the website: www.dtetorissa.gov.in. The complete BID can be submitted by Speed Post / Regd. Post only to the Procurement Cell. The last date of receipt of sealed BID at this Directorate is dt.08.07.16 up to 11.00 A.M. and the technical bid will be opened on dt.08.07.16 at 3.00P.M. The authority reserves the right to accept or reject any part or all the BIDs without assigning any reason thereof.
14004/11/0003/1617	Sd/-DTE&T, Odisha, Cuttack
TENDER NOTICE
VEER SURENDRA SAI INSTITUTE OF MEDICAL SCIENCES & RESEARCH (VIMSAR)
An Autonomous State Govt. Institute of Odisha, Ayurvihar, Burla, Sambalpur, Odisha-768017
No. 3124/VIMSAR/MC/2016/ Dt.25.06.2016
No. 115-E:- Sealed tenders are invited for the following project from eligible bidders, tender document can be downloaded from the institute website http://www.vimsar.ac.in/tenders and http://www.sambalpurnic.in. Corrigendum if any to this notice will be published in the website only.
Project:	Supply, Installation & maintenance of Medical Research Equipments & Furniture for MRU
Approx. Cost.- Rs. 1 Crore
Timeline:	1. Start date & Time for downloading of tender document from the website
01.07.2016, 11.00AM
2. Last date & time for submitting sealed tender in the office of Dean and Principal, VIMSAR by Speed Post / Courier
21.07.2016, 5.00PM
3. Date & Time for Opening of tender in the presence of bidders (if any) in the Office of Dean & Principal
22.07.2016, 1.00PM
Sd/- Dean & Principal
VIMSAR
10012/11/0001/1617
No. 55-DSPL
⚙
ଓଡ଼ିଶା ଟ୍ରେଜେରୀ ପୋର୍ଟାଲ ମାଧ୍ୟମରେ
Registration fees and fines
ଇଲେକ୍ଟ୍ରୋନିକ ବ୍ୟବସ୍ଥା ଜରିଆରେ (Online/ Offline), ପ୍ରଦାନର ସୁଯୋଗ ନିଅନ୍ତୁ ।
ଓଡ଼ିଶା ସରକାରଙ୍କ ରାଜସ୍ୱ ଓ ବିପର୍ଯ୍ୟୟ ପରିଚାଳନା ବିଭାଗ ତରଫରୁ ଜେଜେଟ ସଂଖ୍ୟା ୧୮୦୦ ତା ୩୦.୧୨.୨୦୧୫ରିଖ ଅନୁଯାୟୀ Registration ସମ୍ବନ୍ଧୀୟ ଫିସ୍ ଓ ଜୋରିମାନା, ଇଲେକ୍ଟ୍ରୋନିକ ବ୍ୟବସ୍ଥା ଜରିଆରେ ପଇଠ କରିବାର ସୁବିଧା ପ୍ରଦାନ କରାଯାଇଛି।
ସାଧାରଣ ଜନତା ଓଡ଼ିଶା ଟ୍ରେଜେରୀ ପୋର୍ଟାଲ Online / Offline ବ୍ୟବସ୍ଥା ସାହାଯ୍ୟରେ ତ ନିମ୍ନଲିଖିତ ପଦ୍ଧତି ଅନୁସରଣ କରି ଏହି ଶୁଳ୍କ Registration କାର୍ଯ୍ୟ ସମ୍ପାଦନ କରିପାରିବେ।

୧. ଓଡ଼ିଶା ସରକାରଙ୍କ website "https://www.odishatreasury.gov.in or https://www.ifmsodisha.gov.in" ରେ ପ୍ରବେଶ କରି Home Page ରେ ଥିବା "E-Payment" କୁ ବାଛନ୍ତୁ।

୨. ଟ୍ରେଜେରୀ ପୋର୍ଟାଲରେ ଦେୟ ପଇଠ ବିଭାଗ ଓ ଶୀର୍ଷ ବାଛି ଦରକାରୀ ତଥ୍ୟ ପ୍ରଦାନ କରନ୍ତୁ।

୩. ଦେୟ ପଇଠର ମାଧ୍ୟମ ବାଛନ୍ତୁ।

୪. Online ବ୍ୟବସ୍ଥାରେ ଦେୟ ପଇଠ ନିମନ୍ତେ Net Banking / Debit Card ର ବ୍ୟବହାର କରନ୍ତୁ ଓ ପରେ challan ର print କାଢ଼ନ୍ତୁ।

୫. Offline ବ୍ୟବସ୍ଥାରେ ଦେୟ ପଇଠ ନିମନ୍ତେ Over the Counter ଉପରେ କ୍ଲିକ୍ କରନ୍ତୁ ଓ ବ୍ୟାଙ୍କ ବାଛନ୍ତୁ। ଏହାପରେ Print କରନ୍ତୁ ଓ challan କପି ଧରି ବ୍ୟାଙ୍କରେ ଜମା କରନ୍ତୁ।

୬. Online/Offline ମାଧ୍ୟମରେ ପଇଠ ହୋଇଥିବା challan ଦଲିଲ ସହିତ ନିବନ୍ଧନ କାର୍ଯ୍ୟାଳୟରେ ଦାଖଲ କରନ୍ତୁ।

• ଅନୁମୋଦିତ Bank ମାନଙ୍କର ତାଲିକା ଓ କେମିତି e-Payment କରିବେ ତାହା ଟ୍ରେଜେରୀ ପୋର୍ଟାଲରେ ଉପଲବ୍ଧ।

• ଅସୁବିଧା ହେଲେ Help Desk Toll Free ୧୮୦୦-୩୪୫-୬୭୬୯ ନମ୍ବରରେ ଯୋଗାଯୋଗ କରନ୍ତୁ।

ନିବନ୍ଧନ ମହାନିରୀକ୍ଷକ
ଓଡ଼ିଶା, କଟକ
24001/13/0114/1617
28
